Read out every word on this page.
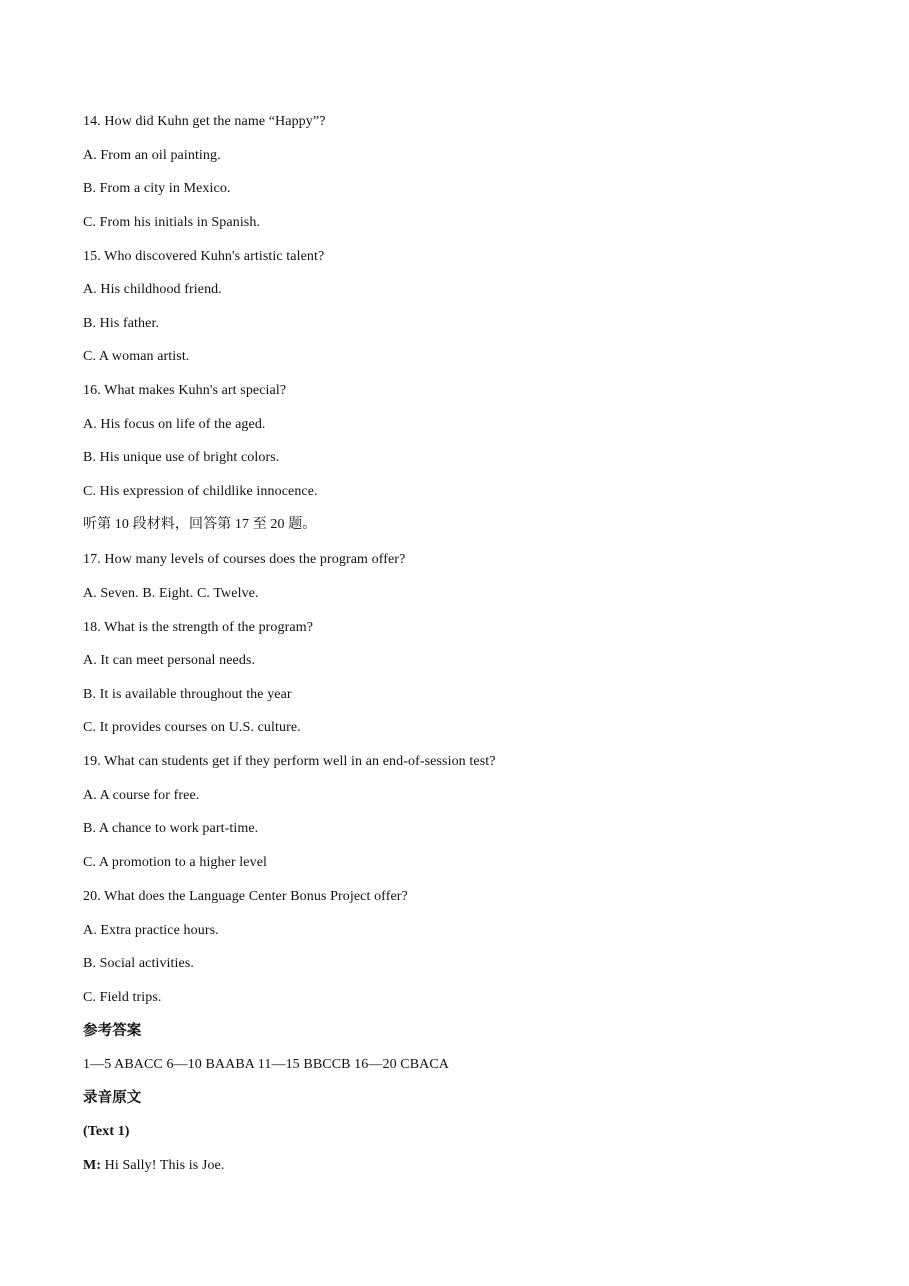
14. How did Kuhn get the name “Happy”?
A. From an oil painting.
B. From a city in Mexico.
C. From his initials in Spanish.
15. Who discovered Kuhn's artistic talent?
A. His childhood friend.
B. His father.
C. A woman artist.
16. What makes Kuhn's art special?
A. His focus on life of the aged.
B. His unique use of bright colors.
C. His expression of childlike innocence.
听第 10 段材料，回答第 17 至 20 题。
17. How many levels of courses does the program offer?
A. Seven. B. Eight. C. Twelve.
18. What is the strength of the program?
A. It can meet personal needs.
B. It is available throughout the year
C. It provides courses on U.S. culture.
19. What can students get if they perform well in an end-of-session test?
A. A course for free.
B. A chance to work part-time.
C. A promotion to a higher level
20. What does the Language Center Bonus Project offer?
A. Extra practice hours.
B. Social activities.
C. Field trips.
参考答案
1—5 ABACC 6—10 BAABA 11—15 BBCCB 16—20 CBACA
录音原文
(Text 1)
M: Hi Sally! This is Joe.
